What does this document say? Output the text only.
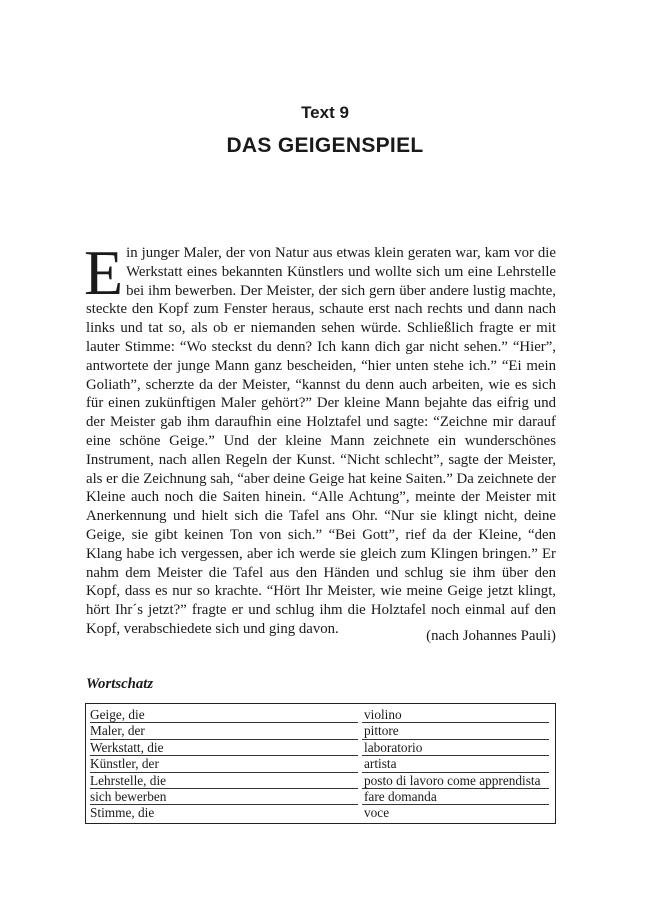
Text 9
DAS GEIGENSPIEL
E in junger Maler, der von Natur aus etwas klein geraten war, kam vor die Werkstatt eines bekannten Künstlers und wollte sich um eine Lehrstelle bei ihm bewerben. Der Meister, der sich gern über andere lustig machte, steckte den Kopf zum Fenster heraus, schaute erst nach rechts und dann nach links und tat so, als ob er niemanden sehen würde. Schließlich fragte er mit lauter Stimme: “Wo steckst du denn? Ich kann dich gar nicht sehen.” “Hier”, antwortete der junge Mann ganz bescheiden, “hier unten stehe ich.” “Ei mein Goliath”, scherzte da der Meister, “kannst du denn auch arbeiten, wie es sich für einen zukünftigen Maler gehört?” Der kleine Mann bejahte das eifrig und der Meister gab ihm daraufhin eine Holztafel und sagte: “Zeichne mir darauf eine schöne Geige.” Und der kleine Mann zeichnete ein wunderschönes Instrument, nach allen Regeln der Kunst. “Nicht schlecht”, sagte der Meister, als er die Zeichnung sah, “aber deine Geige hat keine Saiten.” Da zeichnete der Kleine auch noch die Saiten hinein. “Alle Achtung”, meinte der Meister mit Anerkennung und hielt sich die Tafel ans Ohr. “Nur sie klingt nicht, deine Geige, sie gibt keinen Ton von sich.” “Bei Gott”, rief da der Kleine, “den Klang habe ich vergessen, aber ich werde sie gleich zum Klingen bringen.” Er nahm dem Meister die Tafel aus den Händen und schlug sie ihm über den Kopf, dass es nur so krachte. “Hört Ihr Meister, wie meine Geige jetzt klingt, hört Ihr´s jetzt?” fragte er und schlug ihm die Holztafel noch einmal auf den Kopf, verabschiedete sich und ging davon.	(nach Johannes Pauli)
Wortschatz
Geige, die	violino
Maler, der	pittore
Werkstatt, die	laboratorio
Künstler, der	artista
Lehrstelle, die	posto di lavoro come apprendista
sich bewerben	fare domanda
Stimme, die	voce
